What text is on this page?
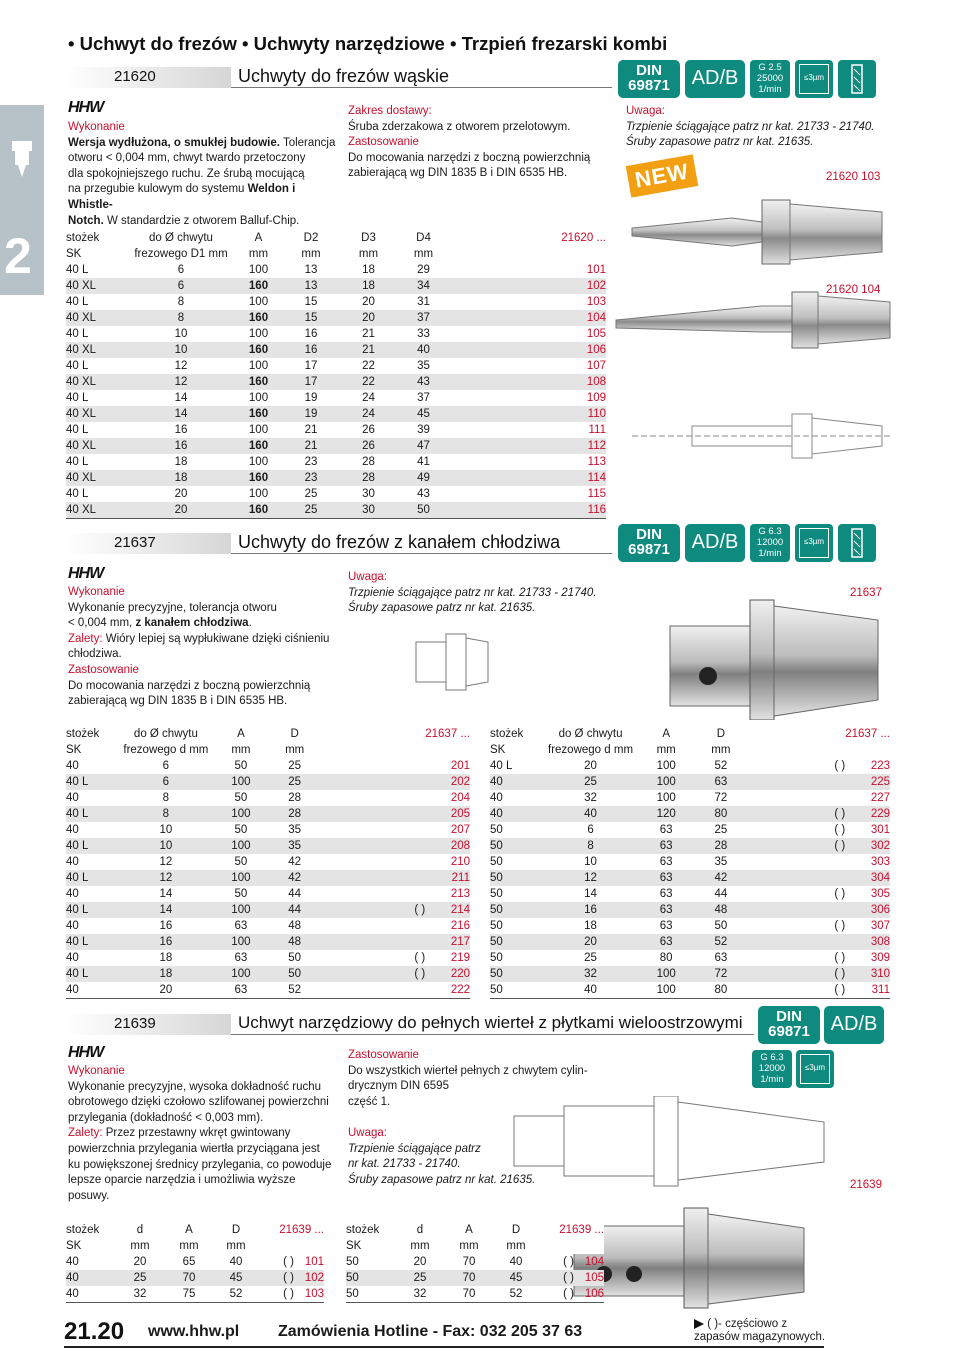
2
• Uchwyt do frezów • Uchwyty narzędziowe • Trzpień frezarski kombi
21620	Uchwyty do frezów wąskie	DIN
69871	AD/B	G 2.5
25000
1/min
≤3µm
HHW
Wykonanie
Wersja wydłużona, o smukłej budowie. Tolerancja
otworu < 0,004 mm, chwyt twardo przetoczony
dla spokojniejszego ruchu. Ze śrubą mocującą
na przegubie kulowym do systemu Weldon i Whistle-
Notch. W standardzie z otworem Balluf-Chip.
Zakres dostawy:
Śruba zderzakowa z otworem przelotowym.
Zastosowanie
Do mocowania narzędzi z boczną powierzchnią
zabierającą wg DIN 1835 B i DIN 6535 HB.
Uwaga:
Trzpienie ściągające patrz nr kat. 21733 - 21740.
Śruby zapasowe patrz nr kat. 21635.
NEW	21620 103
21620 104
stożek	do Ø chwytu	A	D2	D3	D4	21620 ...
SK	frezowego D1 mm	mm	mm	mm	mm	
40 L	6	100	13	18	29	101
40 XL	6	160	13	18	34	102
40 L	8	100	15	20	31	103
40 XL	8	160	15	20	37	104
40 L	10	100	16	21	33	105
40 XL	10	160	16	21	40	106
40 L	12	100	17	22	35	107
40 XL	12	160	17	22	43	108
40 L	14	100	19	24	37	109
40 XL	14	160	19	24	45	110
40 L	16	100	21	26	39	111
40 XL	16	160	21	26	47	112
40 L	18	100	23	28	41	113
40 XL	18	160	23	28	49	114
40 L	20	100	25	30	43	115
40 XL	20	160	25	30	50	116
21637	Uchwyty do frezów z kanałem chłodziwa	DIN
69871	AD/B	G 6.3
12000
1/min
≤3µm
HHW
Wykonanie
Wykonanie precyzyjne, tolerancja otworu
< 0,004 mm, z kanałem chłodziwa.
Zalety: Wióry lepiej są wypłukiwane dzięki ciśnieniu
chłodziwa.
Zastosowanie
Do mocowania narzędzi z boczną powierzchnią
zabierającą wg DIN 1835 B i DIN 6535 HB.
Uwaga:
Trzpienie ściągające patrz nr kat. 21733 - 21740.
Śruby zapasowe patrz nr kat. 21635.
21637
stożek	do Ø chwytu	A	D		21637 ...
SK	frezowego d mm	mm	mm		
40	6	50	25		201
40 L	6	100	25		202
40	8	50	28		204
40 L	8	100	28		205
40	10	50	35		207
40 L	10	100	35		208
40	12	50	42		210
40 L	12	100	42		211
40	14	50	44		213
40 L	14	100	44	( )	214
40	16	63	48		216
40 L	16	100	48		217
40	18	63	50	( )	219
40 L	18	100	50	( )	220
40	20	63	52		222
stożek	do Ø chwytu	A	D		21637 ...
SK	frezowego d mm	mm	mm		
40 L	20	100	52	( )	223
40	25	100	63		225
40	32	100	72		227
40	40	120	80	( )	229
50	6	63	25	( )	301
50	8	63	28	( )	302
50	10	63	35		303
50	12	63	42		304
50	14	63	44	( )	305
50	16	63	48		306
50	18	63	50	( )	307
50	20	63	52		308
50	25	80	63	( )	309
50	32	100	72	( )	310
50	40	100	80	( )	311
21639	Uchwyt narzędziowy do pełnych wierteł z płytkami wieloostrzowymi	DIN
69871	AD/B
G 6.3
12000
1/min
≤3µm
HHW
Wykonanie
Wykonanie precyzyjne, wysoka dokładność ruchu
obrotowego dzięki czołowo szlifowanej powierzchni
przylegania (dokładność < 0,003 mm).
Zalety: Przez przestawny wkręt gwintowany
powierzchnia przylegania wiertła przyciągana jest
ku powiększonej średnicy przylegania, co powoduje
lepsze oparcie narzędzia i umożliwia wyższe
posuwy.
Zastosowanie
Do wszystkich wierteł pełnych z chwytem cylin-
drycznym DIN 6595
część 1.
Uwaga:
Trzpienie ściągające patrz
nr kat. 21733 - 21740.
Śruby zapasowe patrz nr kat. 21635.	21639
stożek	d	A	D	21639 ...	
SK	mm	mm	mm		
40	20	65	40	( )	101
40	25	70	45	( )	102
40	32	75	52	( )	103
stożek	d	A	D	21639 ...	
SK	mm	mm	mm		
50	20	70	40	( )	104
50	25	70	45	( )	105
50	32	70	52	( )	106
21.20 www.hhw.pl Zamówienia Hotline - Fax: 032 205 37 63	( )- częściowo z zapasów magazynowych.
